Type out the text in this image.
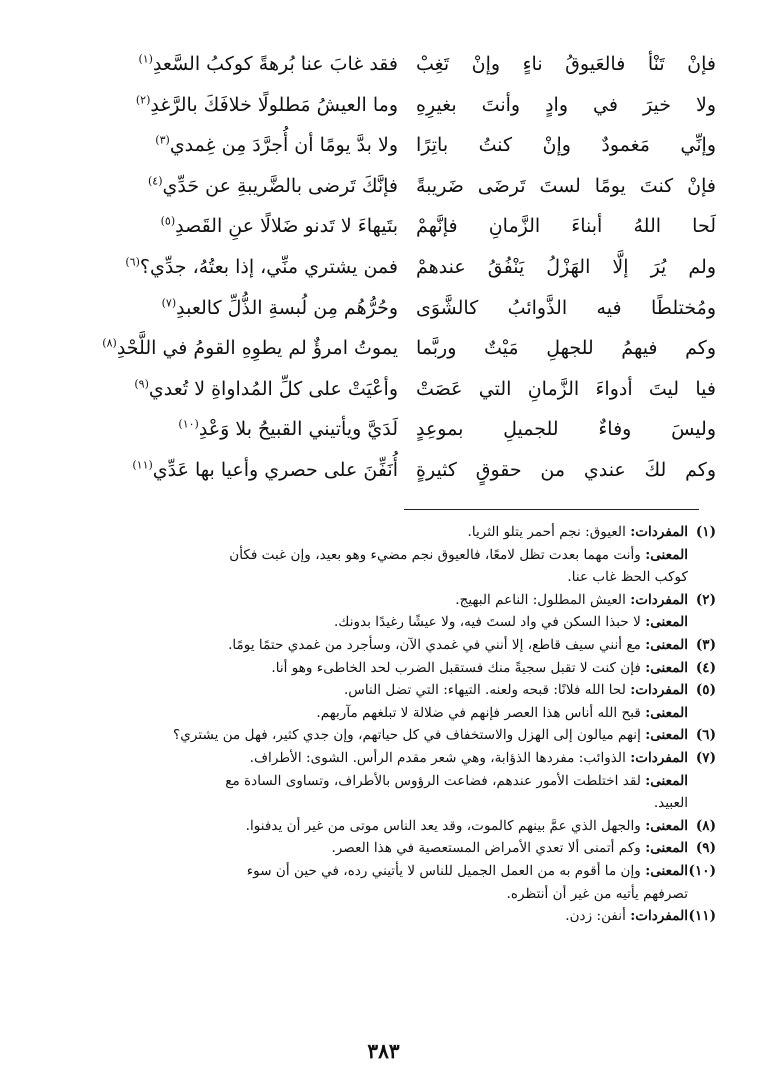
فإنْ تَنْأ فالعَيوقُ ناءٍ وإنْ تَغِبْ
فقد غابَ عنا بُرهةً كوكبُ السَّعدِ$^{(١)}$
ولا خيرَ في وادٍ وأنتَ بغيرِهِ
وما العيشُ مَطلولًا خلافَكَ بالرَّغدِ$^{(٢)}$
وإنِّي مَغمودٌ وإنْ كنتُ باتِرًا
ولا بدَّ يومًا أن أُجرَّدَ مِن غِمدي$^{(٣)}$
فإنْ كنتَ يومًا لستَ تَرضَى ضَريبةً
فإنَّكَ تَرضى بالضَّريبةِ عن حَدِّي$^{(٤)}$
لَحا اللهُ أبناءَ الزَّمانِ فإنَّهمْ
بتَيهاءَ لا تَدنو ضَلالًا عنِ القَصدِ$^{(٥)}$
ولم يُرَ إلَّا الهَزْلُ يَنْفُقُ عندهمْ
فمن يشتري منِّي، إذا بعتُهُ، جدِّي؟$^{(٦)}$
ومُختلطًا فيه الذَّوائبُ كالشَّوَى
وحُرُّهُم مِن لُبسةِ الذُّلِّ كالعبدِ$^{(٧)}$
وكم فيهمُ للجهلِ مَيْتٌ وربَّما
يموتُ امرؤٌ لم يطوِهِ القومُ في اللَّحْدِ$^{(٨)}$
فيا ليتَ أدواءَ الزَّمانِ التي عَصَتْ
وأعْيَتْ على كلِّ المُداواةِ لا تُعدي$^{(٩)}$
وليسَ وفاءٌ للجميلِ بموعِدٍ
لَدَيَّ ويأتيني القبيحُ بلا وَعْدِ$^{(١٠)}$
وكم لكَ عندي من حقوقٍ كثيرةٍ
أُنَفِّنَ على حصري وأعيا بها عَدِّي$^{(١١)}$
(١)المفردات: العيوق: نجم أحمر يتلو الثريا.
المعنى: وأنت مهما بعدت تظل لامعًا، فالعيوق نجم مضيء وهو بعيد، وإن غبت فكأن
كوكب الحظ غاب عنا.
(٢)المفردات: العيش المطلول: الناعم البهيج.
المعنى: لا حبذا السكن في واد لستَ فيه، ولا عيشًا رغيدًا بدونك.
(٣)المعنى: مع أنني سيف قاطع، إلا أنني في غمدي الآن، وسأجرد من غمدي حتمًا يومًا.
(٤)المعنى: فإن كنت لا تقبل سجيةً منك فستقبل الضرب لحد الخاطىء وهو أنا.
(٥)المفردات: لحا الله فلانًا: قبحه ولعنه. التيهاء: التي تضل الناس.
المعنى: قبح الله أناس هذا العصر فإنهم في ضلالة لا تبلغهم مآربهم.
(٦)المعنى: إنهم ميالون إلى الهزل والاستخفاف في كل حياتهم، وإن جدي كثير، فهل من يشتري؟
(٧)المفردات: الذوائب: مفردها الذؤابة، وهي شعر مقدم الرأس. الشوى: الأطراف.
المعنى: لقد اختلطت الأمور عندهم، فضاعت الرؤوس بالأطراف، وتساوى السادة مع
العبيد.
(٨)المعنى: والجهل الذي عمَّ بينهم كالموت، وقد يعد الناس موتى من غير أن يدفنوا.
(٩)المعنى: وكم أتمنى ألا تعدي الأمراض المستعصية في هذا العصر.
(١٠)المعنى: وإن ما أقوم به من العمل الجميل للناس لا يأتيني رده، في حين أن سوء
تصرفهم يأتيه من غير أن أنتظره.
(١١)المفردات: أنفن: زدن.
٣٨٣
